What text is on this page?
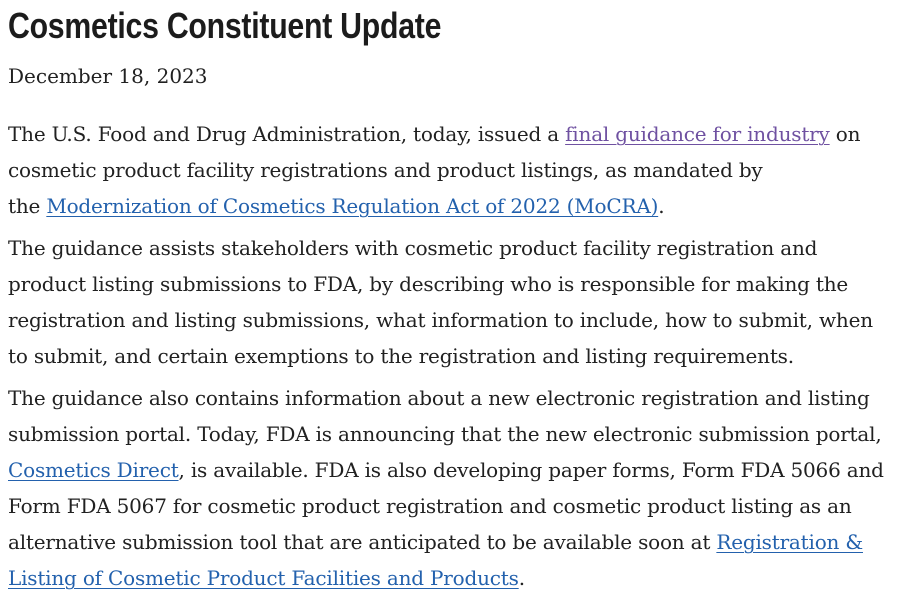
Cosmetics Constituent Update

December 18, 2023

The U.S. Food and Drug Administration, today, issued a final guidance for industry on cosmetic product facility registrations and product listings, as mandated by the Modernization of Cosmetics Regulation Act of 2022 (MoCRA).

The guidance assists stakeholders with cosmetic product facility registration and product listing submissions to FDA, by describing who is responsible for making the registration and listing submissions, what information to include, how to submit, when to submit, and certain exemptions to the registration and listing requirements.

The guidance also contains information about a new electronic registration and listing submission portal. Today, FDA is announcing that the new electronic submission portal, Cosmetics Direct, is available. FDA is also developing paper forms, Form FDA 5066 and Form FDA 5067 for cosmetic product registration and cosmetic product listing as an alternative submission tool that are anticipated to be available soon at Registration & Listing of Cosmetic Product Facilities and Products.
